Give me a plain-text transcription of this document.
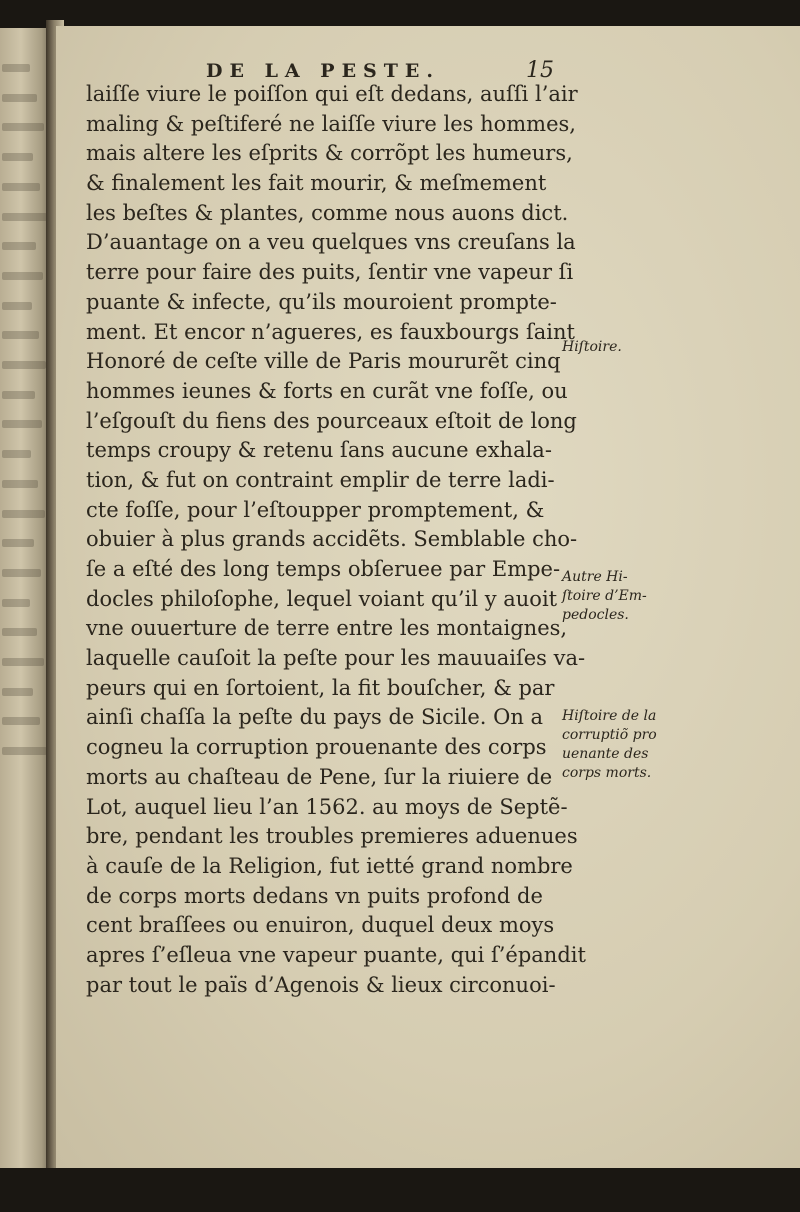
DE LA PESTE.	15
laiſſe viure le poiſſon qui eſt dedans, auſſi l’air
maling & peſtiferé ne laiſſe viure les hommes,
mais altere les eſprits & corrõpt les humeurs,
& finalement les fait mourir, & meſmement
les beſtes & plantes, comme nous auons dict.
D’auantage on a veu quelques vns creuſans la
terre pour faire des puits, ſentir vne vapeur ſi
puante & infecte, qu’ils mouroient prompte-
ment. Et encor n’agueres, es fauxbourgs ſaint
Honoré de ceſte ville de Paris moururẽt cinq
hommes ieunes & forts en curãt vne foſſe, ou
l’eſgouſt du fiens des pourceaux eſtoit de long
temps croupy & retenu ſans aucune exhala-
tion, & fut on contraint emplir de terre ladi-
cte foſſe, pour l’eſtoupper promptement, &
obuier à plus grands accidẽts. Semblable cho-
ſe a eſté des long temps obſeruee par Empe-
docles philoſophe, lequel voiant qu’il y auoit
vne ouuerture de terre entre les montaignes,
laquelle cauſoit la peſte pour les mauuaiſes va-
peurs qui en ſortoient, la fit bouſcher, & par
ainſi chaſſa la peſte du pays de Sicile. On a
cogneu la corruption prouenante des corps
morts au chaſteau de Pene, ſur la riuiere de
Lot, auquel lieu l’an 1562. au moys de Septẽ-
bre, pendant les troubles premieres aduenues
à cauſe de la Religion, fut ietté grand nombre
de corps morts dedans vn puits profond de
cent braſſees ou enuiron, duquel deux moys
apres ſ’eſleua vne vapeur puante, qui ſ’épandit
par tout le païs d’Agenois & lieux circonuoi-
Hiſtoire.
Autre Hi-
ſtoire d’Em-
pedocles.
Hiſtoire de la
corruptiõ pro
uenante des
corps morts.
